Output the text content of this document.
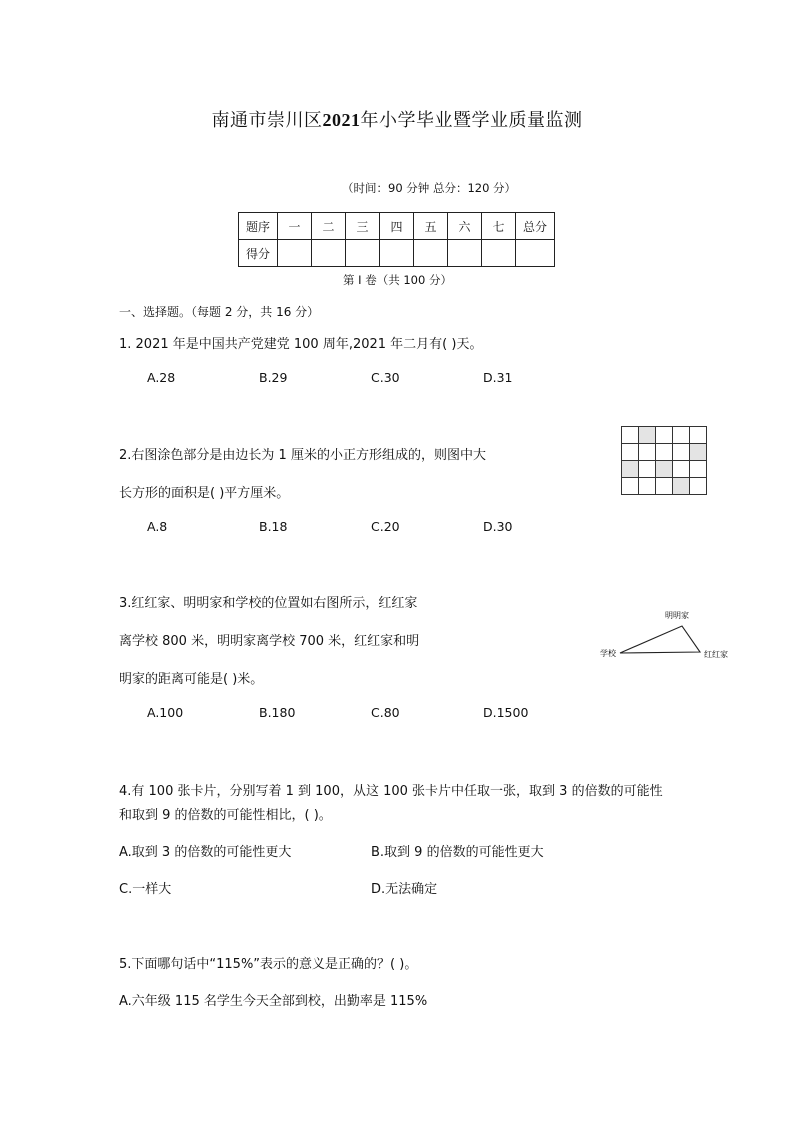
南通市崇川区2021年小学毕业暨学业质量监测
（时间：90 分钟 总分：120 分）
题序	一	二	三	四	五	六	七	总分
得分								
第 I 卷（共 100 分）
一、选择题。（每题 2 分，共 16 分）
1. 2021 年是中国共产党建党 100 周年,2021 年二月有( )天。
A.28	B.29	C.30	D.31
2.右图涂色部分是由边长为 1 厘米的小正方形组成的，则图中大
长方形的面积是( )平方厘米。
A.8	B.18	C.20	D.30

3.红红家、明明家和学校的位置如右图所示，红红家
离学校 800 米，明明家离学校 700 米，红红家和明
明家的距离可能是( )米。
A.100	B.180	C.80	D.1500
明明家
学校	红红家
4.有 100 张卡片，分别写着 1 到 100，从这 100 张卡片中任取一张，取到 3 的倍数的可能性
和取到 9 的倍数的可能性相比，( )。
A.取到 3 的倍数的可能性更大	B.取到 9 的倍数的可能性更大
C.一样大	D.无法确定
5.下面哪句话中“115%”表示的意义是正确的？( )。
A.六年级 115 名学生今天全部到校，出勤率是 115%
